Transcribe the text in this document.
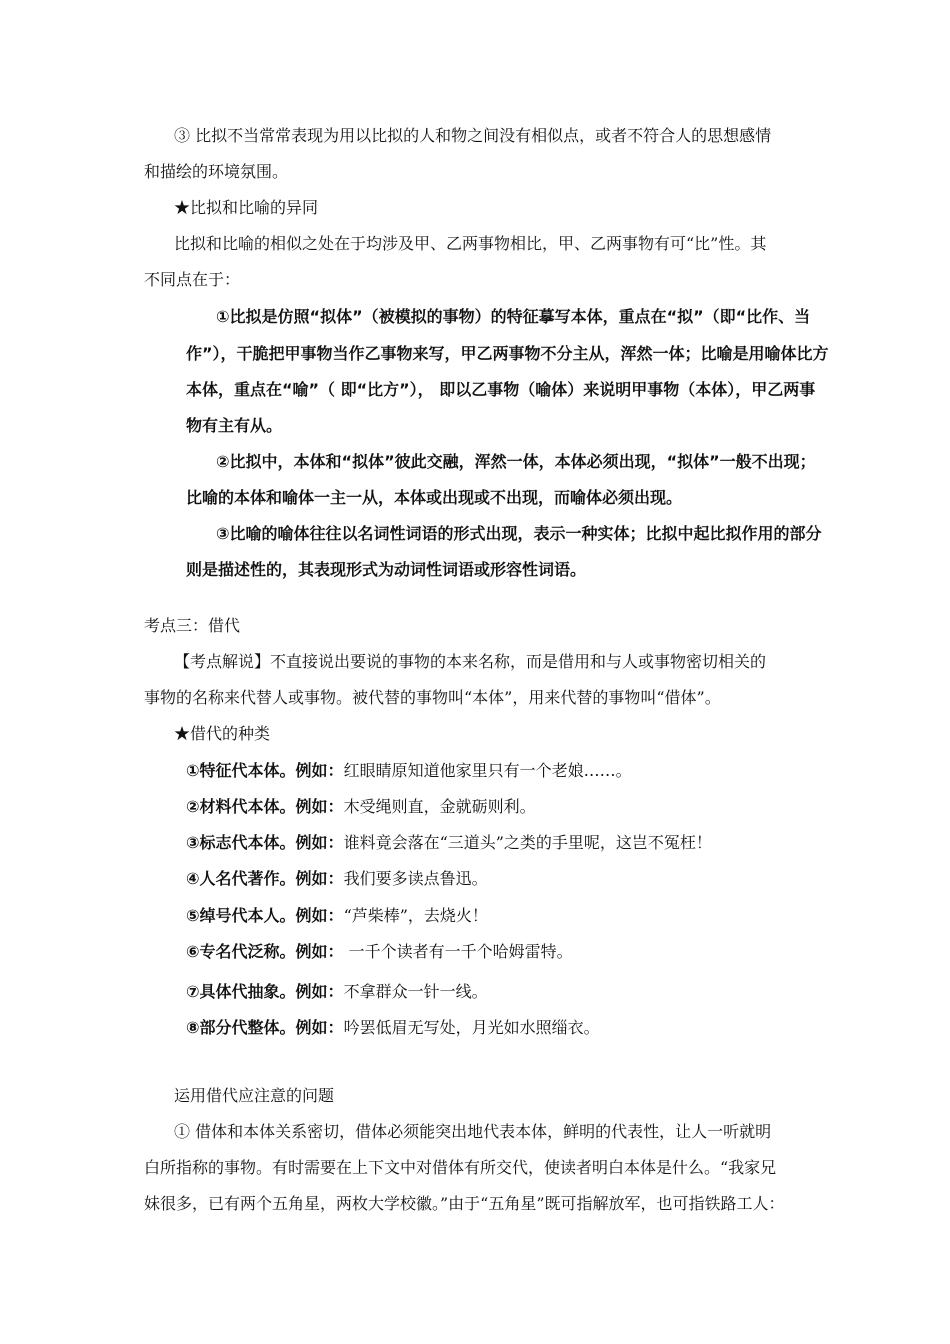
③ 比拟不当常常表现为用以比拟的人和物之间没有相似点，或者不符合人的思想感情
和描绘的环境氛围。
★比拟和比喻的异同
比拟和比喻的相似之处在于均涉及甲、乙两事物相比，甲、乙两事物有可“比”性。其
不同点在于：
①比拟是仿照“拟体”（被模拟的事物）的特征摹写本体，重点在“拟”（即“比作、当
作”），干脆把甲事物当作乙事物来写，甲乙两事物不分主从，浑然一体；比喻是用喻体比方
本体，重点在“喻”（ 即“比方”）， 即以乙事物（喻体）来说明甲事物（本体），甲乙两事
物有主有从。
②比拟中，本体和“拟体”彼此交融，浑然一体，本体必须出现，“拟体”一般不出现；
比喻的本体和喻体一主一从，本体或出现或不出现，而喻体必须出现。
③比喻的喻体往往以名词性词语的形式出现，表示一种实体；比拟中起比拟作用的部分
则是描述性的，其表现形式为动词性词语或形容性词语。
考点三：借代
【考点解说】不直接说出要说的事物的本来名称，而是借用和与人或事物密切相关的
事物的名称来代替人或事物。被代替的事物叫“本体”，用来代替的事物叫“借体”。
★借代的种类
①特征代本体。例如：红眼睛原知道他家里只有一个老娘……。
②材料代本体。例如：木受绳则直，金就砺则利。
③标志代本体。例如：谁料竟会落在“三道头”之类的手里呢，这岂不冤枉！
④人名代著作。例如：我们要多读点鲁迅。
⑤绰号代本人。例如：“芦柴棒”，去烧火！
⑥专名代泛称。例如： 一千个读者有一千个哈姆雷特。
⑦具体代抽象。例如：不拿群众一针一线。
⑧部分代整体。例如：吟罢低眉无写处，月光如水照缁衣。
运用借代应注意的问题
① 借体和本体关系密切，借体必须能突出地代表本体，鲜明的代表性，让人一听就明
白所指称的事物。有时需要在上下文中对借体有所交代，使读者明白本体是什么。“我家兄
妹很多，已有两个五角星，两枚大学校徽。”由于“五角星”既可指解放军，也可指铁路工人：
